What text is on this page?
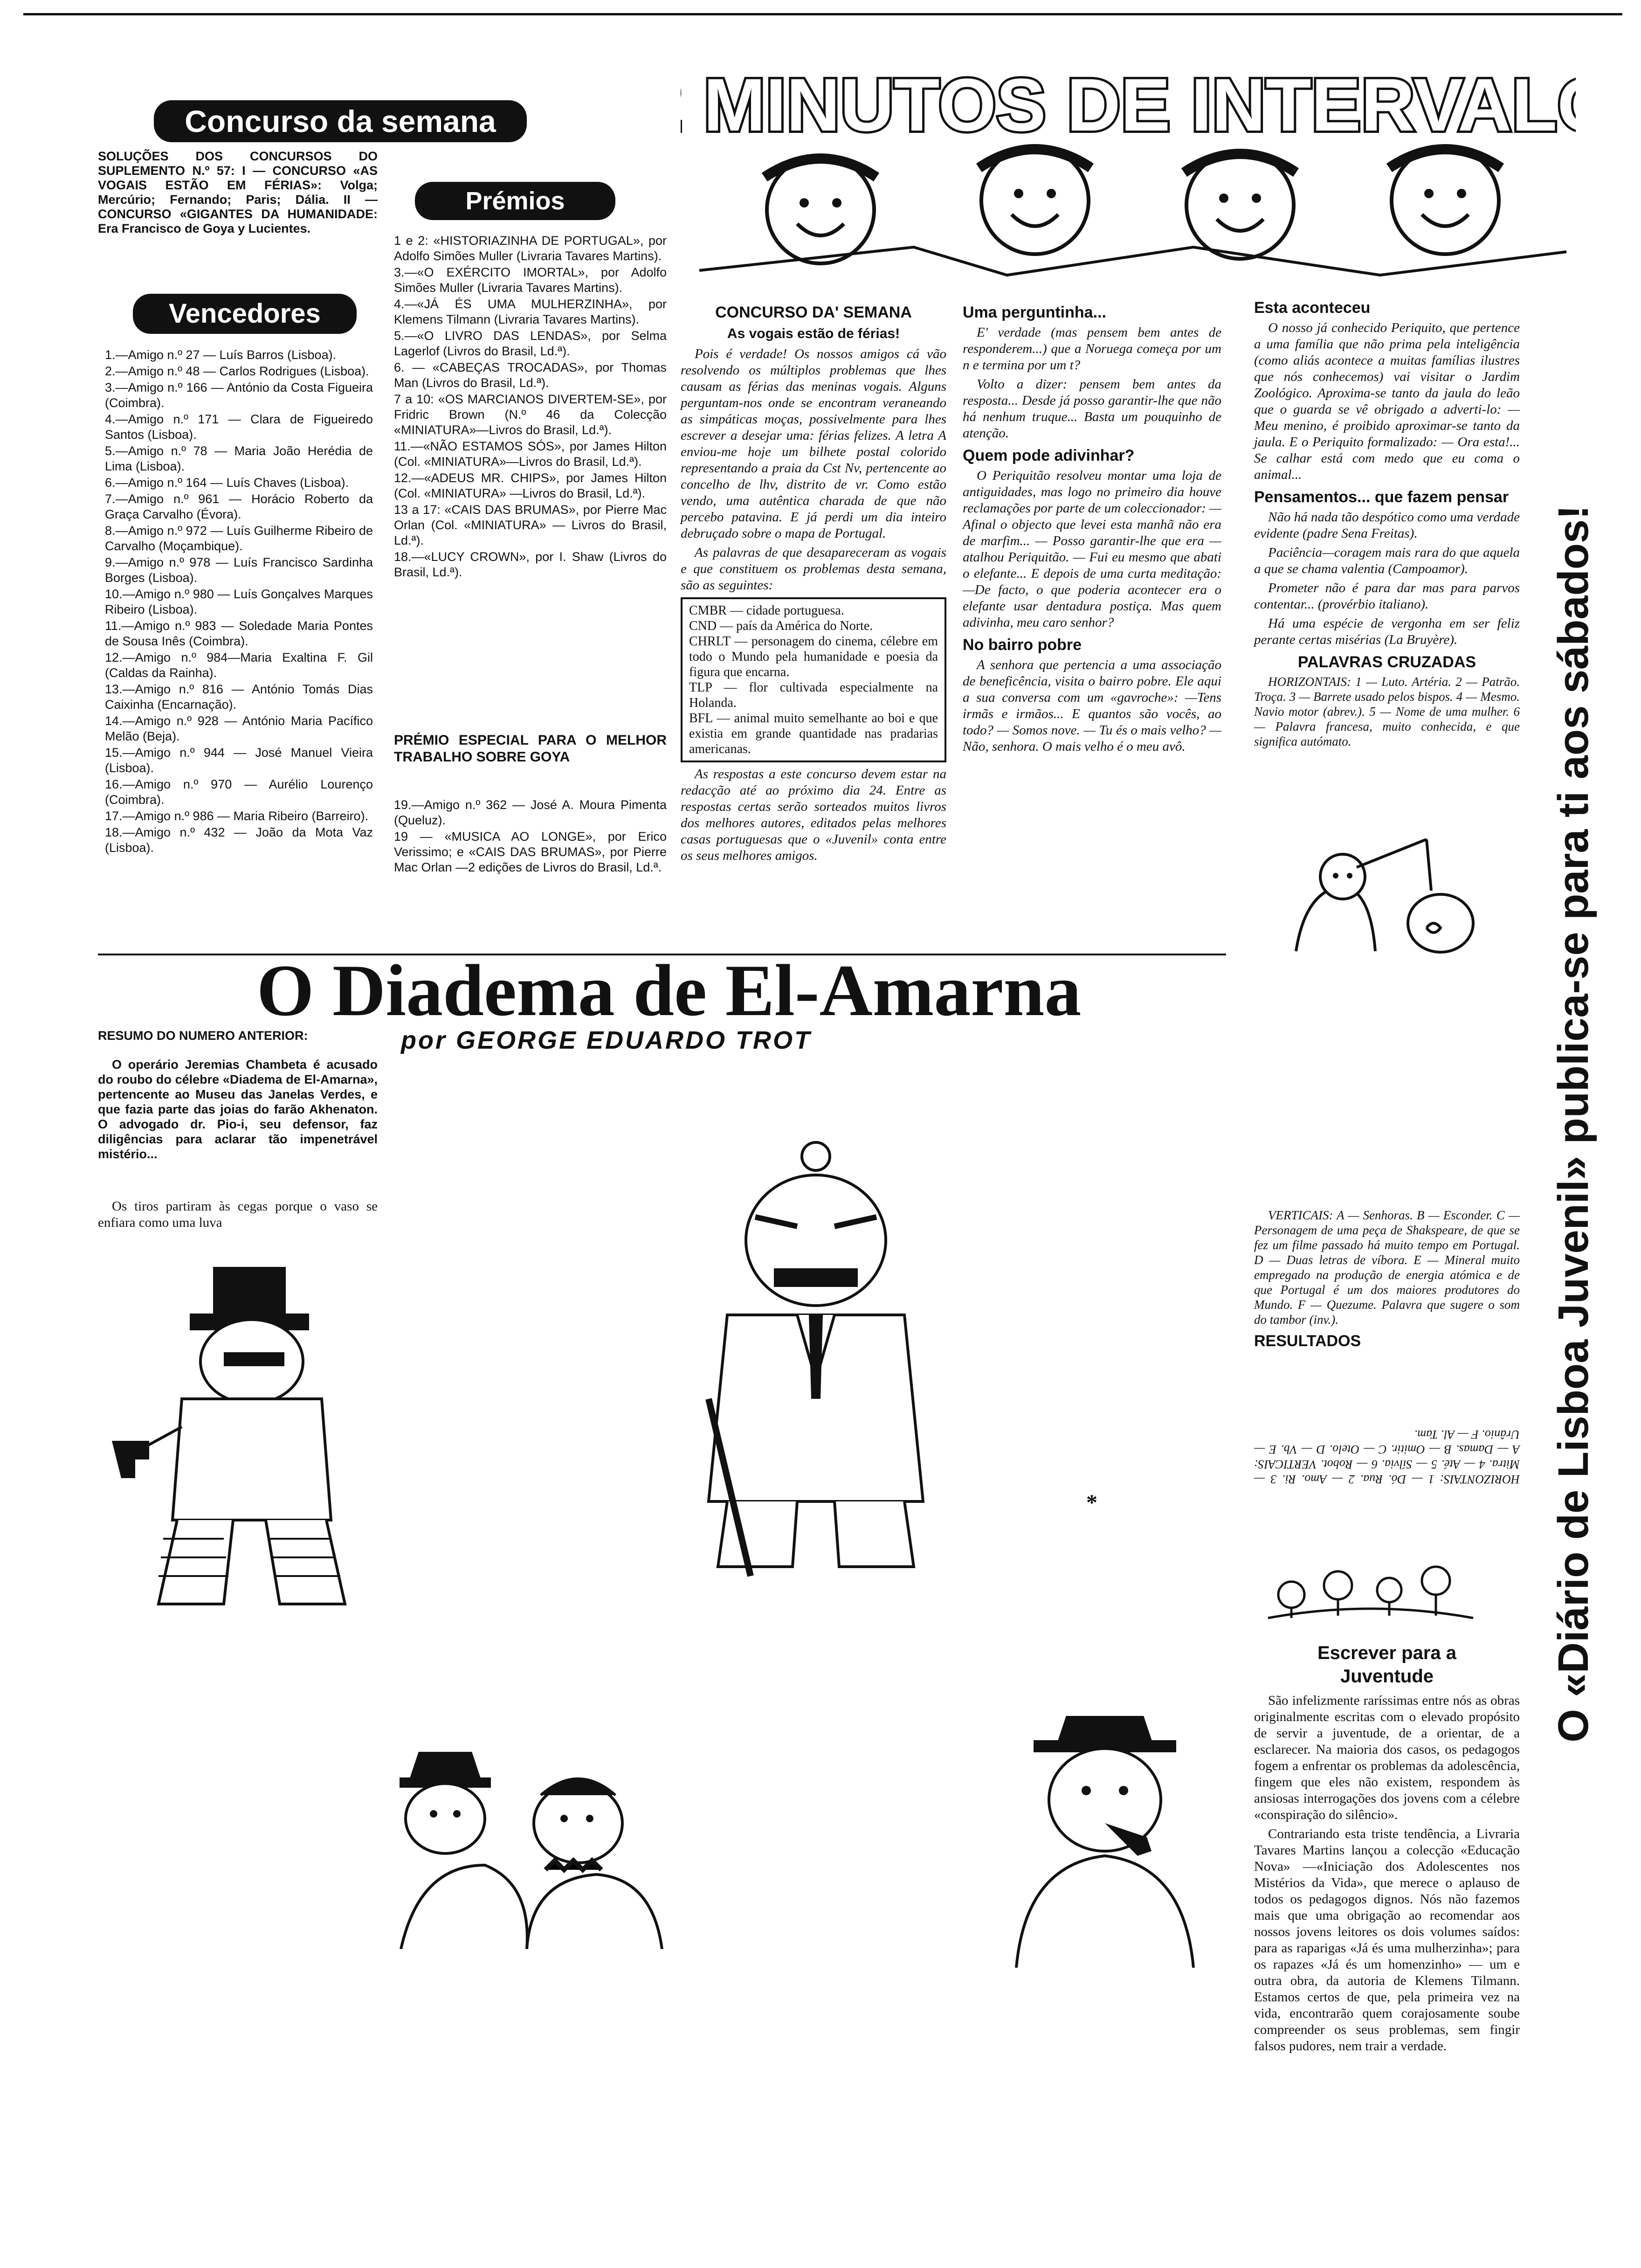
Concurso da semana
SOLUÇÕES DOS CONCURSOS DO SUPLEMENTO N.º 57: I — CONCURSO «AS VOGAIS ESTÃO EM FÉRIAS»: Volga; Mercúrio; Fernando; Paris; Dália. II — CONCURSO «GIGANTES DA HUMANIDADE: Era Francisco de Goya y Lucientes.
Vencedores
1.—Amigo n.º 27 — Luís Barros (Lisboa).
2.—Amigo n.º 48 — Carlos Rodrigues (Lisboa).
3.—Amigo n.º 166 — António da Costa Figueira (Coimbra).
4.—Amigo n.º 171 — Clara de Figueiredo Santos (Lisboa).
5.—Amigo n.º 78 — Maria João Herédia de Lima (Lisboa).
6.—Amigo n.º 164 — Luís Chaves (Lisboa).
7.—Amigo n.º 961 — Horácio Roberto da Graça Carvalho (Évora).
8.—Amigo n.º 972 — Luís Guilherme Ribeiro de Carvalho (Moçambique).
9.—Amigo n.º 978 — Luís Francisco Sardinha Borges (Lisboa).
10.—Amigo n.º 980 — Luís Gonçalves Marques Ribeiro (Lisboa).
11.—Amigo n.º 983 — Soledade Maria Pontes de Sousa Inês (Coimbra).
12.—Amigo n.º 984—Maria Exaltina F. Gil (Caldas da Rainha).
13.—Amigo n.º 816 — António Tomás Dias Caixinha (Encarnação).
14.—Amigo n.º 928 — António Maria Pacífico Melão (Beja).
15.—Amigo n.º 944 — José Manuel Vieira (Lisboa).
16.—Amigo n.º 970 — Aurélio Lourenço (Coimbra).
17.—Amigo n.º 986 — Maria Ribeiro (Barreiro).
18.—Amigo n.º 432 — João da Mota Vaz (Lisboa).
Prémios
1 e 2: «HISTORIAZINHA DE PORTUGAL», por Adolfo Simões Muller (Livraria Tavares Martins).
3.—«O EXÉRCITO IMORTAL», por Adolfo Simões Muller (Livraria Tavares Martins).
4.—«JÁ ÉS UMA MULHERZINHA», por Klemens Tilmann (Livraria Tavares Martins).
5.—«O LIVRO DAS LENDAS», por Selma Lagerlof (Livros do Brasil, Ld.ª).
6. — «CABEÇAS TROCADAS», por Thomas Man (Livros do Brasil, Ld.ª).
7 a 10: «OS MARCIANOS DIVERTEM-SE», por Fridric Brown (N.º 46 da Colecção «MINIATURA»—Livros do Brasil, Ld.ª).
11.—«NÃO ESTAMOS SÓS», por James Hilton (Col. «MINIATURA»—Livros do Brasil, Ld.ª).
12.—«ADEUS MR. CHIPS», por James Hilton (Col. «MINIATURA» —Livros do Brasil, Ld.ª).
13 a 17: «CAIS DAS BRUMAS», por Pierre Mac Orlan (Col. «MINIATURA» — Livros do Brasil, Ld.ª).
18.—«LUCY CROWN», por I. Shaw (Livros do Brasil, Ld.ª).
PRÉMIO ESPECIAL PARA O MELHOR TRABALHO SOBRE GOYA
19.—Amigo n.º 362 — José A. Moura Pimenta (Queluz).
19 — «MUSICA AO LONGE», por Erico Verissimo; e «CAIS DAS BRUMAS», por Pierre Mac Orlan —2 edições de Livros do Brasil, Ld.ª.
2 MINUTOS DE INTERVALO
CONCURSO DA' SEMANA
As vogais estão de férias!

Pois é verdade! Os nossos amigos cá vão resolvendo os múltiplos problemas que lhes causam as férias das meninas vogais. Alguns perguntam-nos onde se encontram veraneando as simpáticas moças, possivelmente para lhes escrever a desejar uma: férias felizes. A letra A enviou-me hoje um bilhete postal colorido representando a praia da Cst Nv, pertencente ao concelho de lhv, distrito de vr. Como estão vendo, uma autêntica charada de que não percebo patavina. E já perdi um dia inteiro debruçado sobre o mapa de Portugal.

As palavras de que desapareceram as vogais e que constituem os problemas desta semana, são as seguintes:

CMBR — cidade portuguesa.
CND — país da América do Norte.
CHRLT — personagem do cinema, célebre em todo o Mundo pela humanidade e poesia da figura que encarna.
TLP — flor cultivada especialmente na Holanda.
BFL — animal muito semelhante ao boi e que existia em grande quantidade nas pradarias americanas.

As respostas a este concurso devem estar na redacção até ao próximo dia 24. Entre as respostas certas serão sorteados muitos livros dos melhores autores, editados pelas melhores casas portuguesas que o «Juvenil» conta entre os seus melhores amigos.

Uma perguntinha...

E' verdade (mas pensem bem antes de responderem...) que a Noruega começa por um n e termina por um t?

Volto a dizer: pensem bem antes da resposta... Desde já posso garantir-lhe que não há nenhum truque... Basta um pouquinho de atenção.

Quem pode adivinhar?

O Periquitão resolveu montar uma loja de antiguidades, mas logo no primeiro dia houve reclamações por parte de um coleccionador: —Afinal o objecto que levei esta manhã não era de marfim... — Posso garantir-lhe que era — atalhou Periquitão. — Fui eu mesmo que abati o elefante... E depois de uma curta meditação: —De facto, o que poderia acontecer era o elefante usar dentadura postiça. Mas quem adivinha, meu caro senhor?

No bairro pobre

A senhora que pertencia a uma associação de beneficência, visita o bairro pobre. Ele aqui a sua conversa com um «gavroche»: —Tens irmãs e irmãos... E quantos são vocês, ao todo? — Somos nove. — Tu és o mais velho? — Não, senhora. O mais velho é o meu avô.

Esta aconteceu

O nosso já conhecido Periquito, que pertence a uma família que não prima pela inteligência (como aliás acontece a muitas famílias ilustres que nós conhecemos) vai visitar o Jardim Zoológico. Aproxima-se tanto da jaula do leão que o guarda se vê obrigado a adverti-lo: — Meu menino, é proibido aproximar-se tanto da jaula. E o Periquito formalizado: — Ora esta!... Se calhar está com medo que eu coma o animal...

Pensamentos... que fazem pensar

Não há nada tão despótico como uma verdade evidente (padre Sena Freitas).

Paciência—coragem mais rara do que aquela a que se chama valentia (Campoamor).

Prometer não é para dar mas para parvos contentar... (provérbio italiano).

Há uma espécie de vergonha em ser feliz perante certas misérias (La Bruyère).

PALAVRAS CRUZADAS

HORIZONTAIS: 1 — Luto. Artéria. 2 — Patrão. Troça. 3 — Barrete usado pelos bispos. 4 — Mesmo. Navio motor (abrev.). 5 — Nome de uma mulher. 6 — Palavra francesa, muito conhecida, e que significa autómato.

VERTICAIS: A — Senhoras. B — Esconder. C — Personagem de uma peça de Shakspeare, de que se fez um filme passado há muito tempo em Portugal. D — Duas letras de víbora. E — Mineral muito empregado na produção de energia atómica e de que Portugal é um dos maiores produtores do Mundo. F — Quezume. Palavra que sugere o som do tambor (inv.).

RESULTADOS
HORIZONTAIS: 1 — Dó. Rua. 2 — Amo. Ri. 3 — Mitra. 4 — Até. 5 — Sílvia. 6 — Robot. VERTICAIS: A — Damas. B — Omitir. C — Otelo. D — Vb. E — Urânio. F — Al. Tam.
Escrever para a Juventude

São infelizmente raríssimas entre nós as obras originalmente escritas com o elevado propósito de servir a juventude, de a orientar, de a esclarecer. Na maioria dos casos, os pedagogos fogem a enfrentar os problemas da adolescência, fingem que eles não existem, respondem às ansiosas interrogações dos jovens com a célebre «conspiração do silêncio».

Contrariando esta triste tendência, a Livraria Tavares Martins lançou a colecção «Educação Nova» —«Iniciação dos Adolescentes nos Mistérios da Vida», que merece o aplauso de todos os pedagogos dignos. Nós não fazemos mais que uma obrigação ao recomendar aos nossos jovens leitores os dois volumes saídos: para as raparigas «Já és uma mulherzinha»; para os rapazes «Já és um homenzinho» — um e outra obra, da autoria de Klemens Tilmann. Estamos certos de que, pela primeira vez na vida, encontrarão quem corajosamente soube compreender os seus problemas, sem fingir falsos pudores, nem trair a verdade.

O «Diário de Lisboa Juvenil» publica-se para ti aos sábados!
O Diadema de El-Amarna
por GEORGE EDUARDO TROT
RESUMO DO NUMERO ANTERIOR:

O operário Jeremias Chambeta é acusado do roubo do célebre «Diadema de El-Amarna», pertencente ao Museu das Janelas Verdes, e que fazia parte das joias do farão Akhenaton. O advogado dr. Pio-i, seu defensor, faz diligências para aclarar tão impenetrável mistério...

Os tiros partiram às cegas porque o vaso se enfiara como uma luva

*
